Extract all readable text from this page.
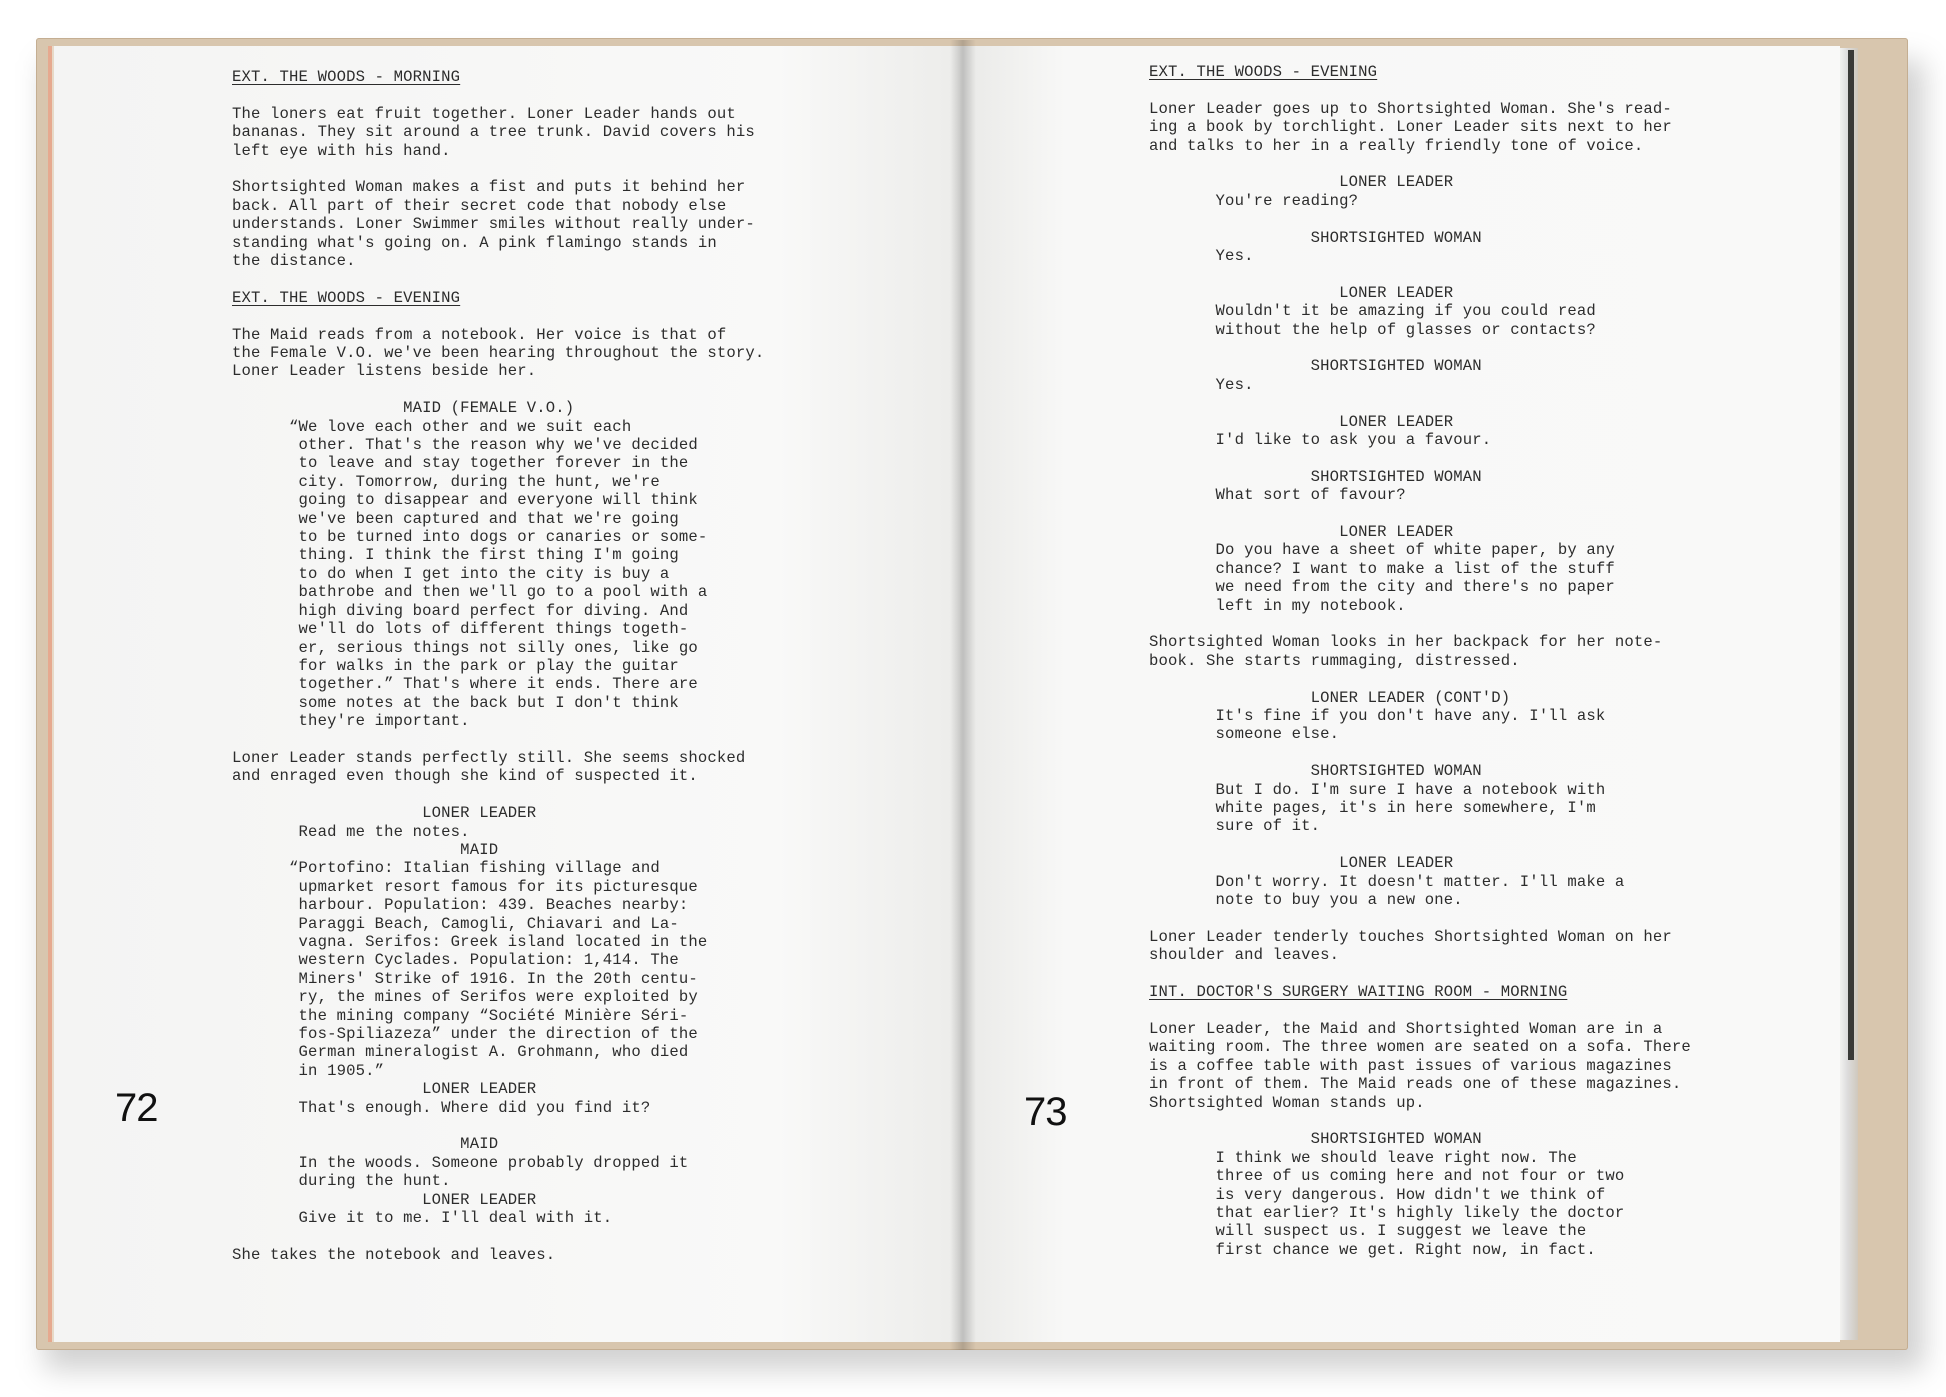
EXT. THE WOODS - MORNING
The loners eat fruit together. Loner Leader hands out
bananas. They sit around a tree trunk. David covers his
left eye with his hand.
Shortsighted Woman makes a fist and puts it behind her
back. All part of their secret code that nobody else
understands. Loner Swimmer smiles without really under-
standing what's going on. A pink flamingo stands in
the distance.
EXT. THE WOODS - EVENING
The Maid reads from a notebook. Her voice is that of
the Female V.O. we've been hearing throughout the story.
Loner Leader listens beside her.
MAID (FEMALE V.O.)
“We love each other and we suit each
other. That's the reason why we've decided
to leave and stay together forever in the
city. Tomorrow, during the hunt, we're
going to disappear and everyone will think
we've been captured and that we're going
to be turned into dogs or canaries or some-
thing. I think the first thing I'm going
to do when I get into the city is buy a
bathrobe and then we'll go to a pool with a
high diving board perfect for diving. And
we'll do lots of different things togeth-
er, serious things not silly ones, like go
for walks in the park or play the guitar
together.” That's where it ends. There are
some notes at the back but I don't think
they're important.
Loner Leader stands perfectly still. She seems shocked
and enraged even though she kind of suspected it.
LONER LEADER
Read me the notes.
MAID
“Portofino: Italian fishing village and
upmarket resort famous for its picturesque
harbour. Population: 439. Beaches nearby:
Paraggi Beach, Camogli, Chiavari and La-
vagna. Serifos: Greek island located in the
western Cyclades. Population: 1,414. The
Miners' Strike of 1916. In the 20th centu-
ry, the mines of Serifos were exploited by
the mining company “Société Minière Séri-
fos-Spiliazeza” under the direction of the
German mineralogist A. Grohmann, who died
in 1905.”
LONER LEADER
That's enough. Where did you find it?
MAID
In the woods. Someone probably dropped it
during the hunt.
LONER LEADER
Give it to me. I'll deal with it.
She takes the notebook and leaves.
72
EXT. THE WOODS - EVENING
Loner Leader goes up to Shortsighted Woman. She's read-
ing a book by torchlight. Loner Leader sits next to her
and talks to her in a really friendly tone of voice.
LONER LEADER
You're reading?
SHORTSIGHTED WOMAN
Yes.
LONER LEADER
Wouldn't it be amazing if you could read
without the help of glasses or contacts?
SHORTSIGHTED WOMAN
Yes.
LONER LEADER
I'd like to ask you a favour.
SHORTSIGHTED WOMAN
What sort of favour?
LONER LEADER
Do you have a sheet of white paper, by any
chance? I want to make a list of the stuff
we need from the city and there's no paper
left in my notebook.
Shortsighted Woman looks in her backpack for her note-
book. She starts rummaging, distressed.
LONER LEADER (CONT'D)
It's fine if you don't have any. I'll ask
someone else.
SHORTSIGHTED WOMAN
But I do. I'm sure I have a notebook with
white pages, it's in here somewhere, I'm
sure of it.
LONER LEADER
Don't worry. It doesn't matter. I'll make a
note to buy you a new one.
Loner Leader tenderly touches Shortsighted Woman on her
shoulder and leaves.
INT. DOCTOR'S SURGERY WAITING ROOM - MORNING
Loner Leader, the Maid and Shortsighted Woman are in a
waiting room. The three women are seated on a sofa. There
is a coffee table with past issues of various magazines
in front of them. The Maid reads one of these magazines.
Shortsighted Woman stands up.
SHORTSIGHTED WOMAN
I think we should leave right now. The
three of us coming here and not four or two
is very dangerous. How didn't we think of
that earlier? It's highly likely the doctor
will suspect us. I suggest we leave the
first chance we get. Right now, in fact.
73
